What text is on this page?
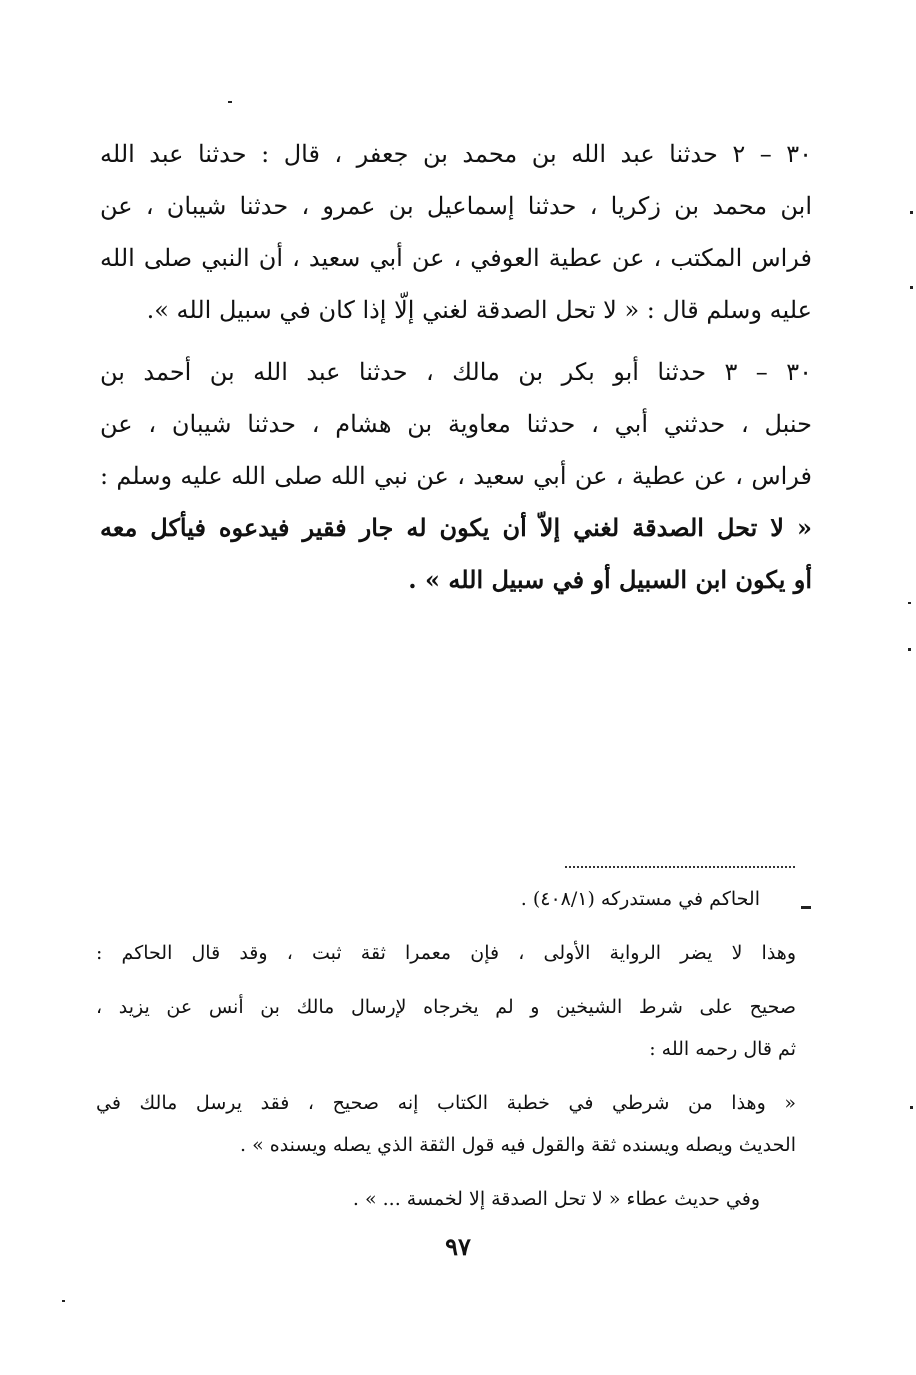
٣٠ – ٢ حدثنا عبد الله بن محمد بن جعفر ، قال : حدثنا عبد الله
ابن محمد بن زكريا ، حدثنا إسماعيل بن عمرو ، حدثنا شيبان ، عن
فراس المكتب ، عن عطية العوفي ، عن أبي سعيد ، أن النبي صلى الله
عليه وسلم قال : « لا تحل الصدقة لغني إلّا إذا كان في سبيل الله ».
٣٠ – ٣ حدثنا أبو بكر بن مالك ، حدثنا عبد الله بن أحمد بن
حنبل ، حدثني أبي ، حدثنا معاوية بن هشام ، حدثنا شيبان ، عن
فراس ، عن عطية ، عن أبي سعيد ، عن نبي الله صلى الله عليه وسلم :
« لا تحل الصدقة لغني إلاّ أن يكون له جار فقير فيدعوه فيأكل معه
أو يكون ابن السبيل أو في سبيل الله » .
الحاكم في مستدركه (٤٠٨/١) .
وهذا لا يضر الرواية الأولى ، فإن معمرا ثقة ثبت ، وقد قال الحاكم :
صحيح على شرط الشيخين و لم يخرجاه لإرسال مالك بن أنس عن يزيد ،
ثم قال رحمه الله :
« وهذا من شرطي في خطبة الكتاب إنه صحيح ، فقد يرسل مالك في
الحديث ويصله ويسنده ثقة والقول فيه قول الثقة الذي يصله ويسنده » .
وفي حديث عطاء « لا تحل الصدقة إلا لخمسة ... » .
٩٧
